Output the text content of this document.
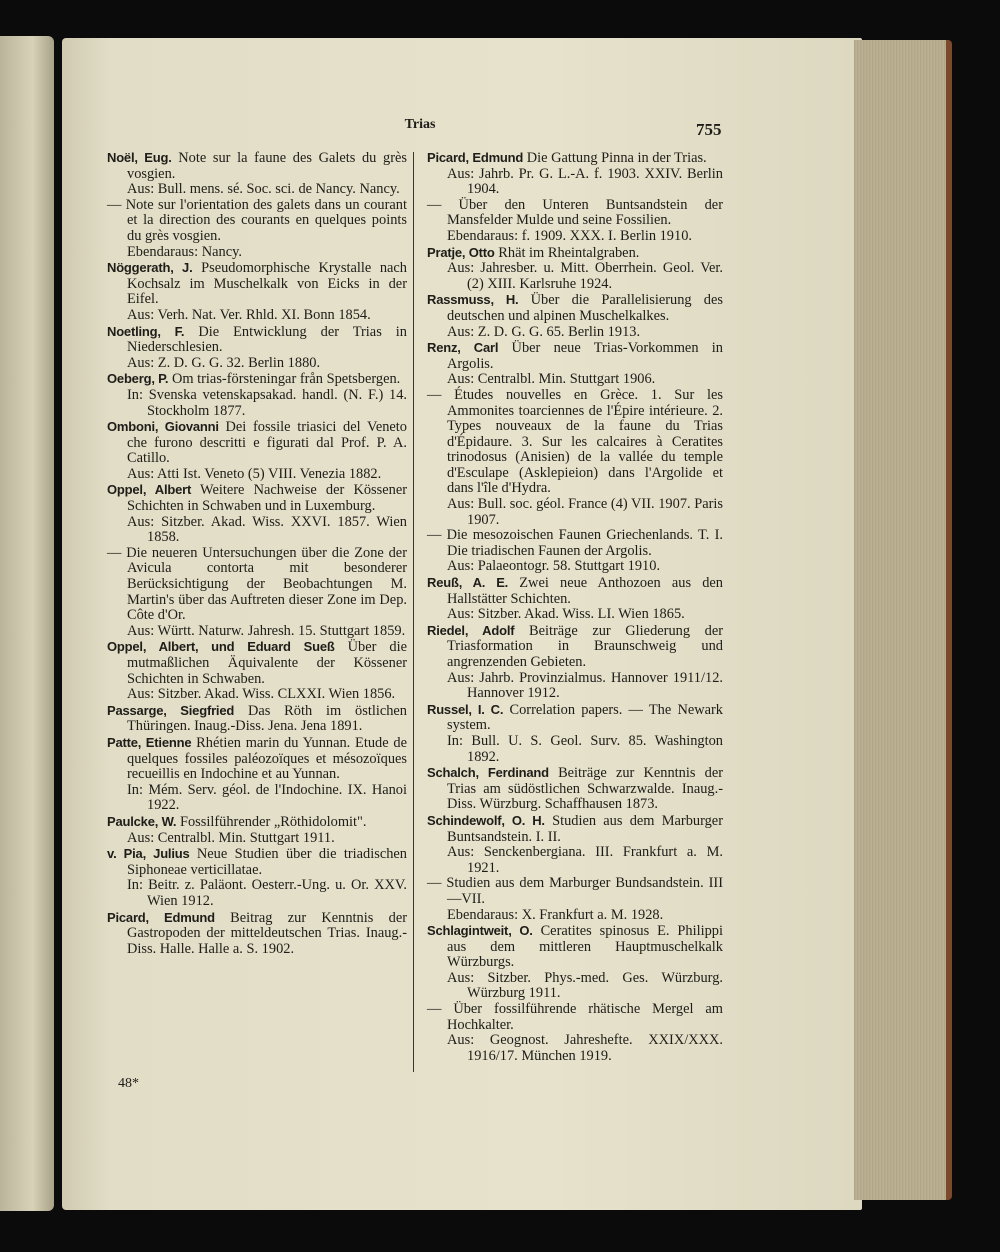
Trias	755

Noël, Eug. Note sur la faune des Galets du grès vosgien.

Aus: Bull. mens. sé. Soc. sci. de Nancy. Nancy.

— Note sur l'orientation des galets dans un courant et la direction des courants en quelques points du grès vosgien.

Ebendaraus: Nancy.

Nöggerath, J. Pseudomorphische Krystalle nach Kochsalz im Muschelkalk von Eicks in der Eifel.

Aus: Verh. Nat. Ver. Rhld. XI. Bonn 1854.

Noetling, F. Die Entwicklung der Trias in Niederschlesien.

Aus: Z. D. G. G. 32. Berlin 1880.

Oeberg, P. Om trias-försteningar från Spetsbergen.

In: Svenska vetenskapsakad. handl. (N. F.) 14. Stockholm 1877.

Omboni, Giovanni Dei fossile triasici del Veneto che furono descritti e figurati dal Prof. P. A. Catillo.

Aus: Atti Ist. Veneto (5) VIII. Venezia 1882.

Oppel, Albert Weitere Nachweise der Kössener Schichten in Schwaben und in Luxemburg.

Aus: Sitzber. Akad. Wiss. XXVI. 1857. Wien 1858.

— Die neueren Untersuchungen über die Zone der Avicula contorta mit besonderer Berücksichtigung der Beobachtungen M. Martin's über das Auftreten dieser Zone im Dep. Côte d'Or.

Aus: Württ. Naturw. Jahresh. 15. Stuttgart 1859.

Oppel, Albert, und Eduard Sueß Über die mutmaßlichen Äquivalente der Kössener Schichten in Schwaben.

Aus: Sitzber. Akad. Wiss. CLXXI. Wien 1856.

Passarge, Siegfried Das Röth im östlichen Thüringen. Inaug.-Diss. Jena. Jena 1891.

Patte, Etienne Rhétien marin du Yunnan. Etude de quelques fossiles paléozoïques et mésozoïques recueillis en Indochine et au Yunnan.

In: Mém. Serv. géol. de l'Indochine. IX. Hanoi 1922.

Paulcke, W. Fossilführender „Röthidolomit".

Aus: Centralbl. Min. Stuttgart 1911.

v. Pia, Julius Neue Studien über die triadischen Siphoneae verticillatae.

In: Beitr. z. Paläont. Oesterr.-Ung. u. Or. XXV. Wien 1912.

Picard, Edmund Beitrag zur Kenntnis der Gastropoden der mitteldeutschen Trias. Inaug.-Diss. Halle. Halle a. S. 1902.

Picard, Edmund Die Gattung Pinna in der Trias.

Aus: Jahrb. Pr. G. L.-A. f. 1903. XXIV. Berlin 1904.

— Über den Unteren Buntsandstein der Mansfelder Mulde und seine Fossilien.

Ebendaraus: f. 1909. XXX. I. Berlin 1910.

Pratje, Otto Rhät im Rheintalgraben.

Aus: Jahresber. u. Mitt. Oberrhein. Geol. Ver. (2) XIII. Karlsruhe 1924.

Rassmuss, H. Über die Parallelisierung des deutschen und alpinen Muschelkalkes.

Aus: Z. D. G. G. 65. Berlin 1913.

Renz, Carl Über neue Trias-Vorkommen in Argolis.

Aus: Centralbl. Min. Stuttgart 1906.

— Études nouvelles en Grèce. 1. Sur les Ammonites toarciennes de l'Épire intérieure. 2. Types nouveaux de la faune du Trias d'Épidaure. 3. Sur les calcaires à Ceratites trinodosus (Anisien) de la vallée du temple d'Esculape (Asklepieion) dans l'Argolide et dans l'île d'Hydra.

Aus: Bull. soc. géol. France (4) VII. 1907. Paris 1907.

— Die mesozoischen Faunen Griechenlands. T. I. Die triadischen Faunen der Argolis.

Aus: Palaeontogr. 58. Stuttgart 1910.

Reuß, A. E. Zwei neue Anthozoen aus den Hallstätter Schichten.

Aus: Sitzber. Akad. Wiss. LI. Wien 1865.

Riedel, Adolf Beiträge zur Gliederung der Triasformation in Braunschweig und angrenzenden Gebieten.

Aus: Jahrb. Provinzialmus. Hannover 1911/12. Hannover 1912.

Russel, I. C. Correlation papers. — The Newark system.

In: Bull. U. S. Geol. Surv. 85. Washington 1892.

Schalch, Ferdinand Beiträge zur Kenntnis der Trias am südöstlichen Schwarzwalde. Inaug.-Diss. Würzburg. Schaffhausen 1873.

Schindewolf, O. H. Studien aus dem Marburger Buntsandstein. I. II.

Aus: Senckenbergiana. III. Frankfurt a. M. 1921.

— Studien aus dem Marburger Bundsandstein. III—VII.

Ebendaraus: X. Frankfurt a. M. 1928.

Schlagintweit, O. Ceratites spinosus E. Philippi aus dem mittleren Hauptmuschelkalk Würzburgs.

Aus: Sitzber. Phys.-med. Ges. Würzburg. Würzburg 1911.

— Über fossilführende rhätische Mergel am Hochkalter.

Aus: Geognost. Jahreshefte. XXIX/XXX. 1916/17. München 1919.

48*
